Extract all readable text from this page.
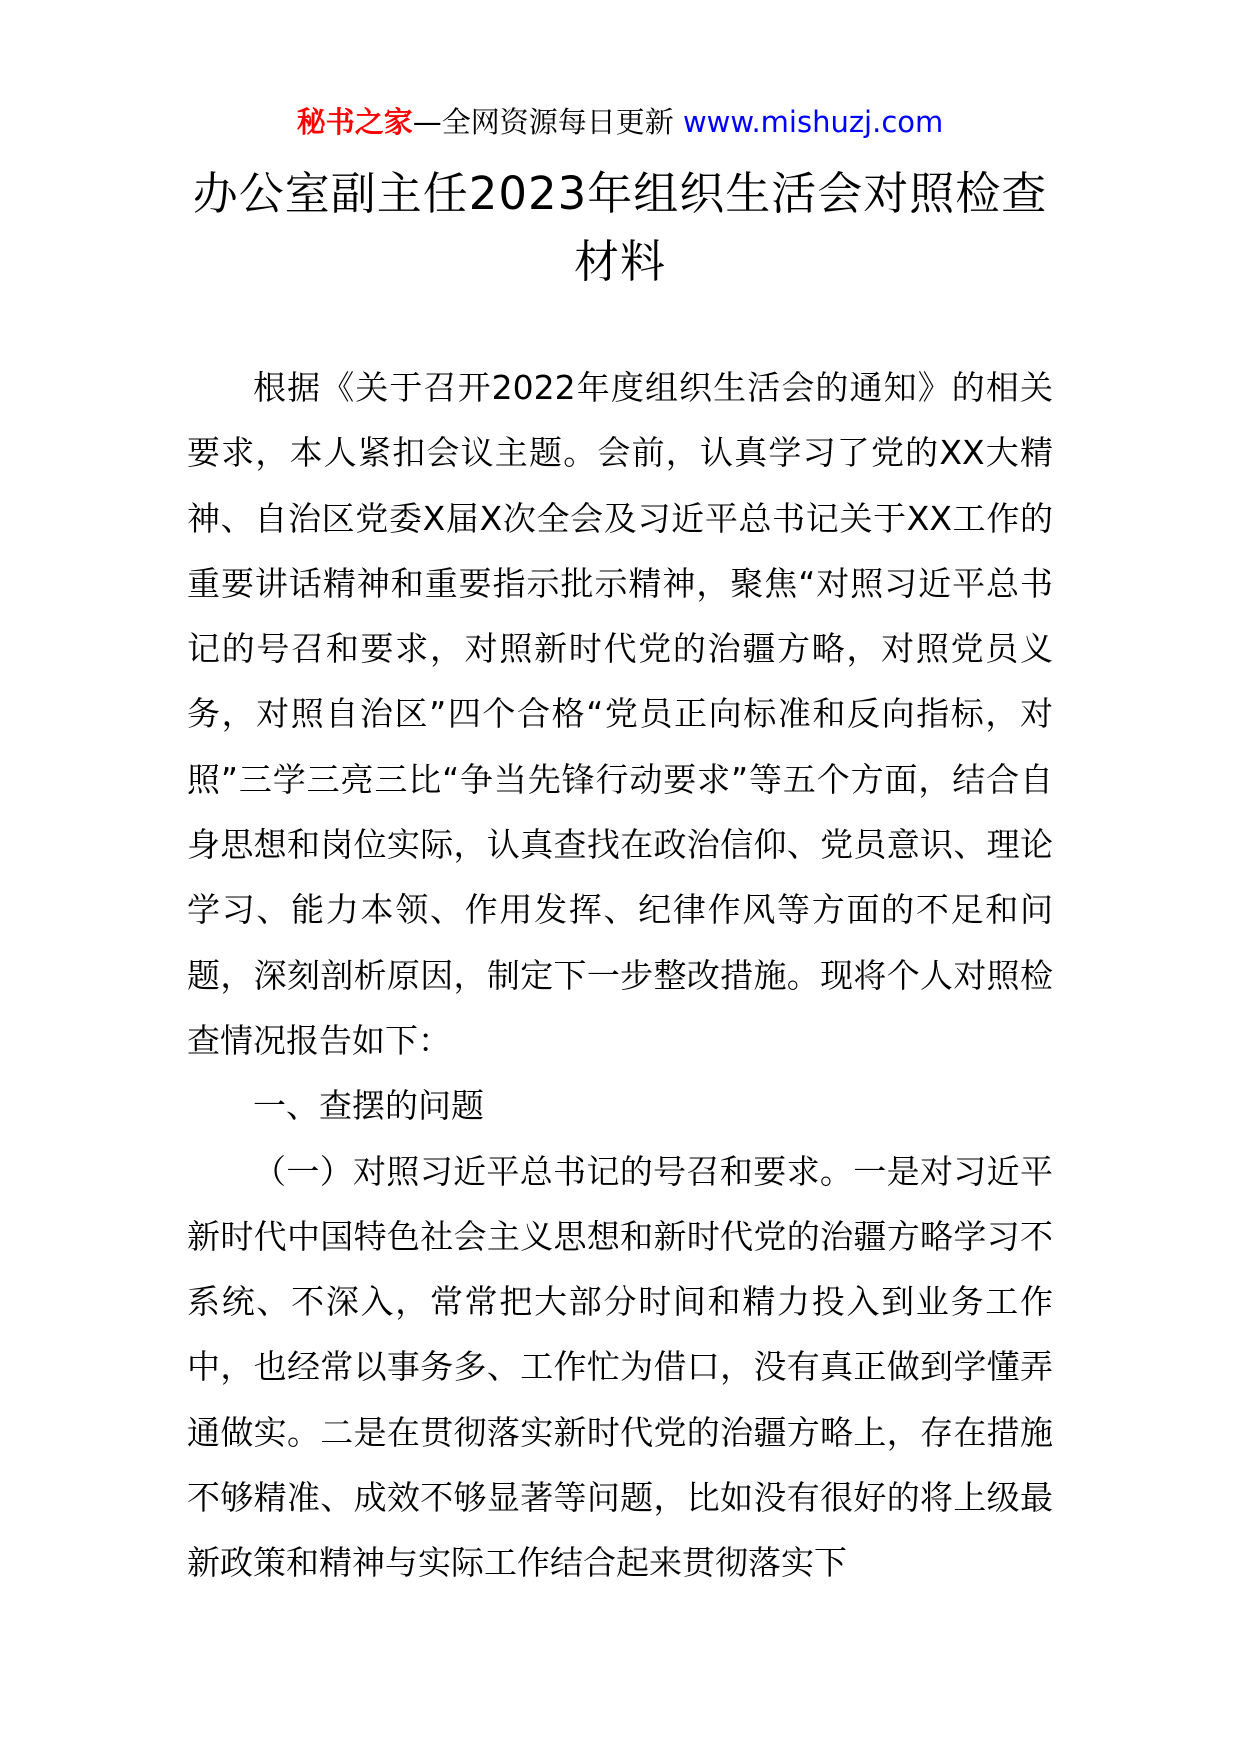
秘书之家—全网资源每日更新 www.mishuzj.com
办公室副主任2023年组织生活会对照检查材料

根据《关于召开2022年度组织生活会的通知》的相关要求，本人紧扣会议主题。会前，认真学习了党的XX大精神、自治区党委X届X次全会及习近平总书记关于XX工作的重要讲话精神和重要指示批示精神，聚焦“对照习近平总书记的号召和要求，对照新时代党的治疆方略，对照党员义务，对照自治区”四个合格“党员正向标准和反向指标，对照”三学三亮三比“争当先锋行动要求”等五个方面，结合自身思想和岗位实际，认真查找在政治信仰、党员意识、理论学习、能力本领、作用发挥、纪律作风等方面的不足和问题，深刻剖析原因，制定下一步整改措施。现将个人对照检查情况报告如下：

一、查摆的问题

（一）对照习近平总书记的号召和要求。一是对习近平新时代中国特色社会主义思想和新时代党的治疆方略学习不系统、不深入，常常把大部分时间和精力投入到业务工作中，也经常以事务多、工作忙为借口，没有真正做到学懂弄通做实。二是在贯彻落实新时代党的治疆方略上，存在措施不够精准、成效不够显著等问题，比如没有很好的将上级最新政策和精神与实际工作结合起来贯彻落实下
